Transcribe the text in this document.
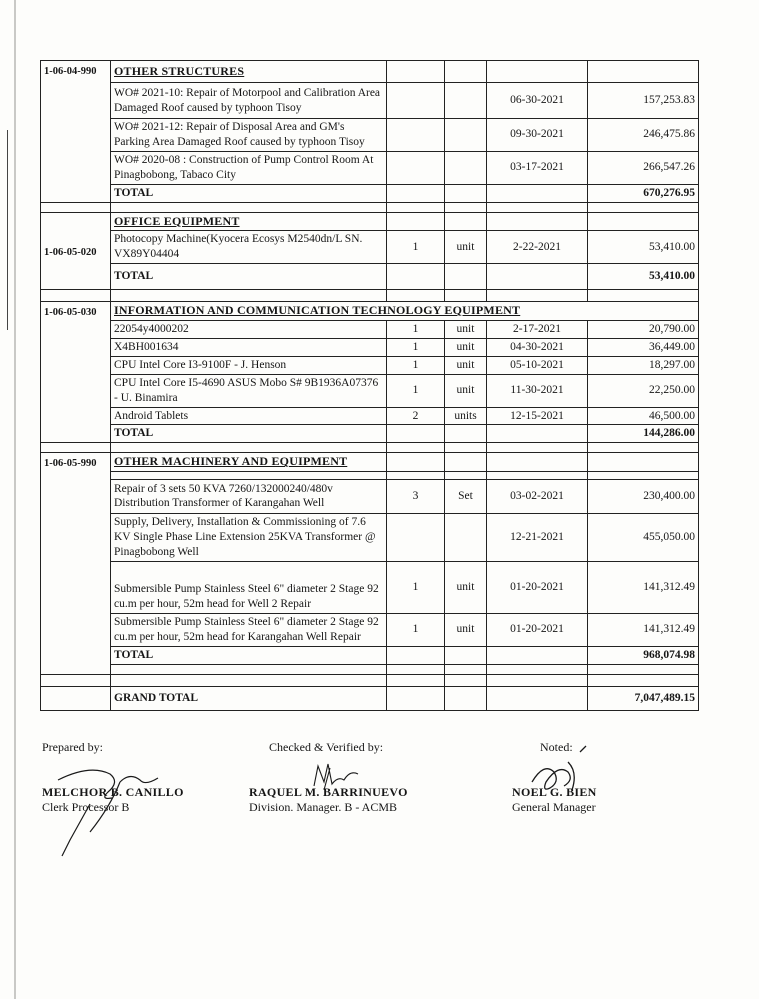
1-06-04-990	OTHER STRUCTURES				
	WO# 2021-10: Repair of Motorpool and Calibration Area Damaged Roof caused by typhoon Tisoy			06-30-2021	157,253.83
	WO# 2021-12: Repair of Disposal Area and GM's Parking Area Damaged Roof caused by typhoon Tisoy			09-30-2021	246,475.86
	WO# 2020-08 : Construction of Pump Control Room At Pinagbobong, Tabaco City			03-17-2021	266,547.26
	TOTAL				670,276.95

1-06-05-020	OFFICE EQUIPMENT				
	Photocopy Machine(Kyocera Ecosys M2540dn/L SN. VX89Y04404	1	unit	2-22-2021	53,410.00
	TOTAL				53,410.00

1-06-05-030	INFORMATION AND COMMUNICATION TECHNOLOGY EQUIPMENT				
	22054y4000202	1	unit	2-17-2021	20,790.00
	X4BH001634	1	unit	04-30-2021	36,449.00
	CPU Intel Core I3-9100F - J. Henson	1	unit	05-10-2021	18,297.00
	CPU Intel Core I5-4690 ASUS Mobo S# 9B1936A07376 - U. Binamira	1	unit	11-30-2021	22,250.00
	Android Tablets	2	units	12-15-2021	46,500.00
	TOTAL				144,286.00

1-06-05-990	OTHER MACHINERY AND EQUIPMENT				

	Repair of 3 sets 50 KVA 7260/132000240/480v Distribution Transformer of Karangahan Well	3	Set	03-02-2021	230,400.00
	Supply, Delivery, Installation & Commissioning of 7.6 KV Single Phase Line Extension 25KVA Transformer @ Pinagbobong Well			12-21-2021	455,050.00
	Submersible Pump Stainless Steel 6" diameter 2 Stage 92 cu.m per hour, 52m head for Well 2 Repair	1	unit	01-20-2021	141,312.49
	Submersible Pump Stainless Steel 6" diameter 2 Stage 92 cu.m per hour, 52m head for Karangahan Well Repair	1	unit	01-20-2021	141,312.49
	TOTAL				968,074.98

	GRAND TOTAL				7,047,489.15
Prepared by:
MELCHOR B. CANILLO
Clerk Processor B
Checked & Verified by:
RAQUEL M. BARRINUEVO
Division. Manager. B - ACMB
Noted:
NOEL G. BIEN
General Manager
